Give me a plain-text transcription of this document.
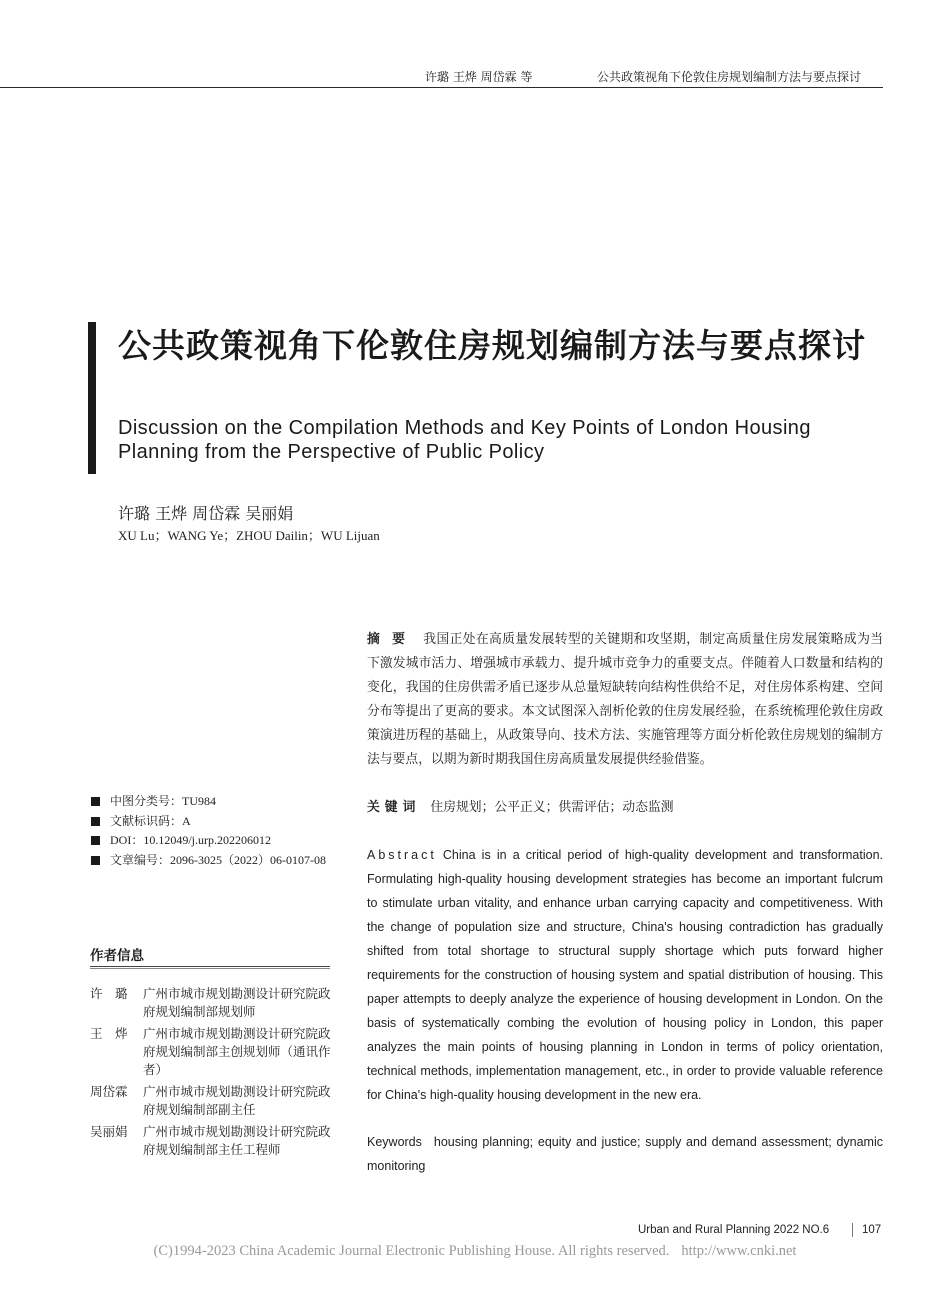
许璐 王烨 周岱霖 等	公共政策视角下伦敦住房规划编制方法与要点探讨
公共政策视角下伦敦住房规划编制方法与要点探讨
Discussion on the Compilation Methods and Key Points of London Housing Planning from the Perspective of Public Policy
许璐 王烨 周岱霖 吴丽娟
XU Lu；WANG Ye；ZHOU Dailin；WU Lijuan
中图分类号：TU984
文献标识码：A
DOI：10.12049/j.urp.202206012
文章编号：2096-3025（2022）06-0107-08
作者信息
许　璐	广州市城市规划勘测设计研究院政府规划编制部规划师
王　烨	广州市城市规划勘测设计研究院政府规划编制部主创规划师（通讯作者）
周岱霖	广州市城市规划勘测设计研究院政府规划编制部副主任
吴丽娟	广州市城市规划勘测设计研究院政府规划编制部主任工程师
摘要 我国正处在高质量发展转型的关键期和攻坚期，制定高质量住房发展策略成为当下激发城市活力、增强城市承载力、提升城市竞争力的重要支点。伴随着人口数量和结构的变化，我国的住房供需矛盾已逐步从总量短缺转向结构性供给不足，对住房体系构建、空间分布等提出了更高的要求。本文试图深入剖析伦敦的住房发展经验，在系统梳理伦敦住房政策演进历程的基础上，从政策导向、技术方法、实施管理等方面分析伦敦住房规划的编制方法与要点，以期为新时期我国住房高质量发展提供经验借鉴。
关键词 住房规划；公平正义；供需评估；动态监测
Abstract China is in a critical period of high-quality development and transformation. Formulating high-quality housing development strategies has become an important fulcrum to stimulate urban vitality, and enhance urban carrying capacity and competitiveness. With the change of population size and structure, China's housing contradiction has gradually shifted from total shortage to structural supply shortage which puts forward higher requirements for the construction of housing system and spatial distribution of housing. This paper attempts to deeply analyze the experience of housing development in London. On the basis of systematically combing the evolution of housing policy in London, this paper analyzes the main points of housing planning in London in terms of policy orientation, technical methods, implementation management, etc., in order to provide valuable reference for China's high-quality housing development in the new era.
Keywords housing planning; equity and justice; supply and demand assessment; dynamic monitoring
Urban and Rural Planning 2022 NO.6	107
(C)1994-2023 China Academic Journal Electronic Publishing House. All rights reserved. http://www.cnki.net
